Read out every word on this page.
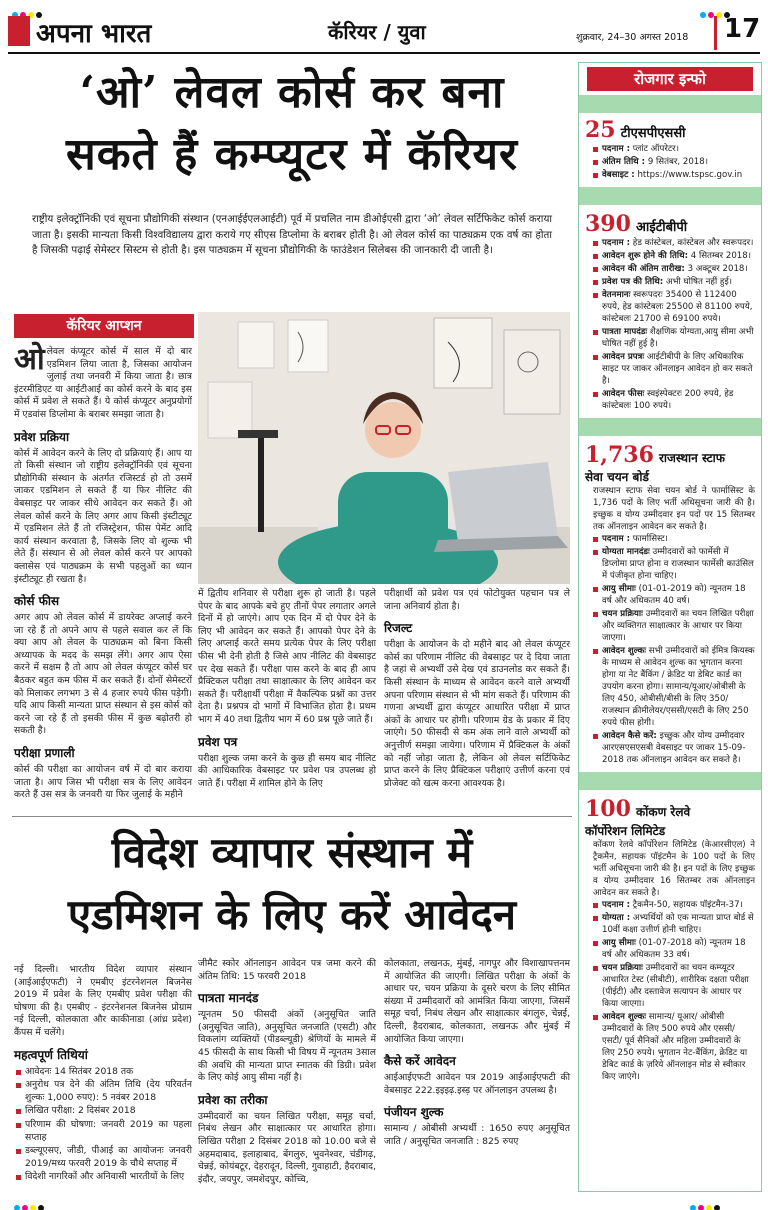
अपना भारत	कॅरियर / युवा	शुक्रवार, 24–30 अगस्त 2018 17
‘ओ’ लेवल कोर्स कर बना
सकते हैं कम्प्यूटर में कॅरियर
राष्ट्रीय इलेक्ट्रॉनिकी एवं सूचना प्रौद्योगिकी संस्थान (एनआईईएलआईटी) पूर्व में प्रचलित नाम डीओईएसी द्वारा ‘ओ’ लेवल सर्टिफिकेट कोर्स कराया जाता है। इसकी मान्यता किसी विश्वविद्यालय द्वारा कराये गए सीएस डिप्लोमा के बराबर होती है। ओ लेवल कोर्स का पाठ्यक्रम एक वर्ष का होता है जिसकी पढ़ाई सेमेस्टर सिस्टम से होती है। इस पाठ्यक्रम में सूचना प्रौद्योगिकी के फाउंडेशन सिलेबस की जानकारी दी जाती है।
कॅरियर आप्शन
ओलेवल कंप्यूटर कोर्स में साल में दो बार एडमिशन लिया जाता है, जिसका आयोजन जुलाई तथा जनवरी में किया जाता है। छात्र इंटरमीडिएट या आईटीआई का कोर्स करने के बाद इस कोर्स में प्रवेश ले सकते हैं। ये कोर्स कंप्यूटर अनुप्रयोगों में एडवांस डिप्लोमा के बराबर समझा जाता है।
प्रवेश प्रक्रिया
कोर्स में आवेदन करने के लिए दो प्रक्रियाएं हैं। आप या तो किसी संस्थान जो राष्ट्रीय इलेक्ट्रॉनिकी एवं सूचना प्रौद्योगिकी संस्थान के अंतर्गत रजिस्टर्ड हो तो उसमें जाकर एडमिशन ले सकते हैं या फिर नीलिट की वेबसाइट पर जाकर सीधे आवेदन कर सकते हैं। ओ लेवल कोर्स करने के लिए अगर आप किसी इंस्टीट्यूट में एडमिशन लेते हैं तो रजिस्ट्रेशन, फीस पेमेंट आदि कार्य संस्थान करवाता है, जिसके लिए वो शुल्क भी लेते हैं। संस्थान से ओ लेवल कोर्स करने पर आपको क्लासेस एवं पाठ्यक्रम के सभी पहलुओं का ध्यान इंस्टीट्यूट ही रखता है।
कोर्स फीस
अगर आप ओ लेवल कोर्स में डायरेक्ट अप्लाई करने जा रहे हैं तो अपने आप से पहले सवाल कर लें कि क्या आप ओ लेवल के पाठ्यक्रम को बिना किसी अध्यापक के मदद के समझ लेंगे। अगर आप ऐसा करने में सक्षम है तो आप ओ लेवल कंप्यूटर कोर्स घर बैठकर बहुत कम फीस में कर सकते हैं। दोनों सेमेस्टरों को मिलाकर लगभग 3 से 4 हजार रुपये फीस पड़ेगी। यदि आप किसी मान्यता प्राप्त संस्थान से इस कोर्स को करने जा रहे हैं तो इसकी फीस में कुछ बढ़ोतरी हो सकती है।
परीक्षा प्रणाली
कोर्स की परीक्षा का आयोजन वर्ष में दो बार कराया जाता है। आप जिस भी परीक्षा सत्र के लिए आवेदन करते हैं उस सत्र के जनवरी या फिर जुलाई के महीने
में द्वितीय शनिवार से परीक्षा शुरू हो जाती है। पहले पेपर के बाद आपके बचे हुए तीनों पेपर लगातार अगले दिनों में हो जाएंगे। आप एक दिन में दो पेपर देने के लिए भी आवेदन कर सकते हैं। आपको पेपर देने के लिए अप्लाई करते समय प्रत्येक पेपर के लिए परीक्षा फीस भी देनी होती है जिसे आप नीलिट की वेबसाइट पर देख सकते हैं। परीक्षा पास करने के बाद ही आप प्रैक्टिकल परीक्षा तथा साक्षात्कार के लिए आवेदन कर सकते हैं। परीक्षार्थी परीक्षा में वैकल्पिक प्रश्नों का उत्तर देता है। प्रश्नपत्र दो भागों में विभाजित होता है। प्रथम भाग में 40 तथा द्वितीय भाग में 60 प्रश्न पूछे जाते हैं।
प्रवेश पत्र
परीक्षा शुल्क जमा करने के कुछ ही समय बाद नीलिट की आधिकारिक वेबसाइट पर प्रवेश पत्र उपलब्ध हो जाते हैं। परीक्षा में शामिल होने के लिए
परीक्षार्थी को प्रवेश पत्र एवं फोटोयुक्त पहचान पत्र ले जाना अनिवार्य होता है।
रिजल्ट
परीक्षा के आयोजन के दो महीने बाद ओ लेवल कंप्यूटर कोर्स का परिणाम नीलिट की वेबसाइट पर दे दिया जाता है जहां से अभ्यर्थी उसे देख एवं डाउनलोड कर सकते हैं। किसी संस्थान के माध्यम से आवेदन करने वाले अभ्यर्थी अपना परिणाम संस्थान से भी मांग सकते हैं। परिणाम की गणना अभ्यर्थी द्वारा कंप्यूटर आधारित परीक्षा में प्राप्त अंकों के आधार पर होगी। परिणाम ग्रेड के प्रकार में दिए जाएंगे। 50 फीसदी से कम अंक लाने वाले अभ्यर्थी को अनुत्तीर्ण समझा जायेगा। परिणाम में प्रैक्टिकल के अंकों को नहीं जोड़ा जाता है, लेकिन ओ लेवल सर्टिफिकेट प्राप्त करने के लिए प्रैक्टिकल परीक्षाएं उत्तीर्ण करना एवं प्रोजेक्ट को खत्म करना आवश्यक है।
विदेश व्यापार संस्थान में
एडमिशन के लिए करें आवेदन
नई दिल्ली। भारतीय विदेश व्यापार संस्थान (आईआईएफटी) ने एमबीए इंटरनेशनल बिजनेस 2019 में प्रवेश के लिए एमबीए प्रवेश परीक्षा की घोषणा की है। एमबीए - इंटरनेशनल बिजनेस प्रोग्राम नई दिल्ली, कोलकाता और काकीनाडा (आंध्र प्रदेश) कैंपस में चलेंगे।
महत्वपूर्ण तिथियां
आवेदनः 14 सितंबर 2018 तक
अनुरोध पत्र देने की अंतिम तिथि (देय परिवर्तन शुल्कः 1,000 रुपए): 5 नवंबर 2018
लिखित परीक्षा: 2 दिसंबर 2018
परिणाम की घोषणा: जनवरी 2019 का पहला सप्ताह
डब्ल्यूएसए, जीडी, पीआई का आयोजनः जनवरी 2019/मध्य फरवरी 2019 के चौथे सप्ताह में
विदेशी नागरिकों और अनिवासी भारतीयों के लिए
जीमैट स्कोर ऑनलाइन आवेदन पत्र जमा करने की अंतिम तिथि: 15 फरवरी 2018
पात्रता मानदंड
न्यूनतम 50 फीसदी अंकों (अनुसूचित जाति (अनुसूचित जाति), अनुसूचित जनजाति (एसटी) और विकलांग व्यक्तियों (पीडब्ल्यूडी) श्रेणियों के मामले में 45 फीसदी के साथ किसी भी विषय में न्यूनतम 3साल की अवधि की मान्यता प्राप्त स्नातक की डिग्री। प्रवेश के लिए कोई आयु सीमा नहीं है।
प्रवेश का तरीका
उम्मीदवारों का चयन लिखित परीक्षा, समूह चर्चा, निबंध लेखन और साक्षात्कार पर आधारित होगा। लिखित परीक्षा 2 दिसंबर 2018 को 10.00 बजे से अहमदाबाद, इलाहाबाद, बेंगलुरु, भुवनेश्वर, चंडीगढ़, चेन्नई, कोयंबटूर, देहरादून, दिल्ली, गुवाहाटी, हैदराबाद, इंदौर, जयपुर, जमशेदपुर, कोच्चि,
कोलकाता, लखनऊ, मुंबई, नागपुर और विशाखापत्तनम में आयोजित की जाएगी। लिखित परीक्षा के अंकों के आधार पर, चयन प्रक्रिया के दूसरे चरण के लिए सीमित संख्या में उम्मीदवारों को आमंत्रित किया जाएगा, जिसमें समूह चर्चा, निबंध लेखन और साक्षात्कार बंगलुरु, चेन्नई, दिल्ली, हैदराबाद, कोलकाता, लखनऊ और मुंबई में आयोजित किया जाएगा।
कैसे करें आवेदन
आईआईएफटी आवेदन पत्र 2019 आईआईएफटी की वेबसाइट 222.इइइढ़.इस्ड़ पर ऑनलाइन उपलब्ध है।
पंजीयन शुल्क
सामान्य / ओबीसी अभ्यर्थी : 1650 रुपए अनुसूचित जाति / अनुसूचित जनजाति : 825 रुपए
रोजगार इन्फो
25 टीएसपीएससी
पदनाम : प्लांट ऑपरेटर।
अंतिम तिथि : 9 सितंबर, 2018।
वेबसाइट : https://www.tspsc.gov.in
390 आईटीबीपी
पदनाम : हेड कांस्टेबल, कांस्टेबल और स्वरूपदर।
आवेदन शुरू होने की तिथि: 4 सितम्बर 2018।
आवेदन की अंतिम तारीख: 3 अक्टूबर 2018।
प्रवेश पत्र की तिथि: अभी घोषित नहीं हुई।
वेतनमानः स्वरूपदरः 35400 से 112400 रुपये, हेड कांस्टेबलः 25500 से 81100 रुपये, कांस्टेबलः 21700 से 69100 रुपये।
पात्रता मापदंडः शैक्षणिक योग्यता,आयु सीमा अभी घोषित नहीं हुई है।
आवेदन प्रपत्रः आईटीबीपी के लिए अधिकारिक साइट पर जाकर ऑनलाइन आवेदन हो कर सकते है।
आवेदन फीसः स्वइंस्पेक्टरः 200 रुपये, हेड कांस्टेबलः 100 रुपये।
1,736 राजस्थान स्टाफ
सेवा चयन बोर्ड
राजस्थान स्टाफ सेवा चयन बोर्ड ने फार्मासिस्ट के 1,736 पदों के लिए भर्ती अधिसूचना जारी की है। इच्छुक व योग्य उम्मीदवार इन पदों पर 15 सितम्बर तक ऑनलाइन आवेदन कर सकते है।
पदनाम : फार्मासिस्ट।
योग्यता मानदंडः उम्मीदवारों को फार्मेसी में डिप्लोमा प्राप्त होना व राजस्थान फार्मेसी काउंसिल में पंजीकृत होना चाहिए।
आयु सीमाः (01-01-2019 को) न्यूनतम 18 वर्ष और अधिकतम 40 वर्ष।
चयन प्रक्रियाः उम्मीदवारों का चयन लिखित परीक्षा और व्यक्तिगत साक्षात्कार के आधार पर किया जाएगा।
आवेदन शुल्कः सभी उम्मीदवारों को ईमित्र कियस्क के माध्यम से आवेदन शुल्क का भुगतान करना होगा या नेट बैंकिंग / क्रेडिट या डेबिट कार्ड का उपयोग करना होगा। सामान्य/यूआर/ओबीसी के लिए 450, ओबीसी/बीसी के लिए 350/राजस्थान क्रीमीलेयर/एससी/एसटी के लिए 250 रुपये फीस होगी।
आवेदन कैसे करें: इच्छुक और योग्य उम्मीदवार आरएसएसएसबी वेबसाइट पर जाकर 15-09-2018 तक ऑनलाइन आवेदन कर सकते है।
100 कोंकण रेलवे
कॉर्पोरेशन लिमिटेड
कोंकण रेलवे कॉर्पोरेशन लिमिटेड (केआरसीएल) ने ट्रैकमैन, सहायक पॉइंटमैन के 100 पदों के लिए भर्ती अधिसूचना जारी की है। इन पदों के लिए इच्छुक व योग्य उम्मीदवार 16 सितम्बर तक ऑनलाइन आवेदन कर सकते है।
पदनाम : ट्रैकमैन-50, सहायक पॉइंटमैन-37।
योग्यता : अभ्यर्थियों को एक मान्यता प्राप्त बोर्ड से 10वीं कक्षा उत्तीर्ण होनी चाहिए।
आयु सीमाः (01-07-2018 को) न्यूनतम 18 वर्ष और अधिकतम 33 वर्ष।
चयन प्रक्रियाः उम्मीदवारों का चयन कम्प्यूटर आधारित टेस्ट (सीबीटी), शारीरिक दक्षता परीक्षा (पीईटी) और दस्तावेज सत्यापन के आधार पर किया जाएगा।
आवेदन शुल्कः सामान्य/ यूआर/ ओबीसी उम्मीदवारों के लिए 500 रुपये और एससी/ एसटी/ पूर्व सैनिकों और महिला उम्मीदवारों के लिए 250 रुपये। भुगतान नेट-बैंकिंग, क्रेडिट या डेबिट कार्ड के ज़रिये ऑनलाइन मोड से स्वीकार किए जाएंगे।
